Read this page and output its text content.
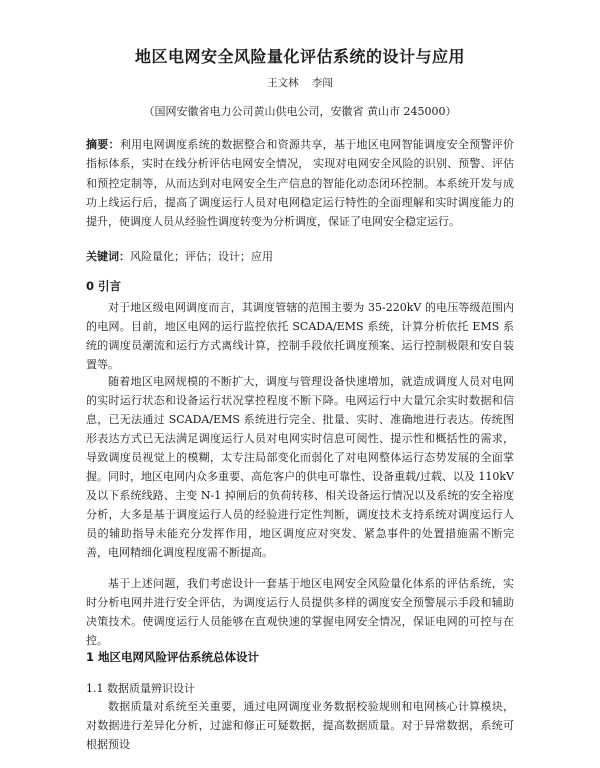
地区电网安全风险量化评估系统的设计与应用
王文林 李闯
（国网安徽省电力公司黄山供电公司，安徽省 黄山市 245000）
摘要：利用电网调度系统的数据整合和资源共享，基于地区电网智能调度安全预警评价指标体系，实时在线分析评估电网安全情况， 实现对电网安全风险的识别、预警、评估和预控定制等，从而达到对电网安全生产信息的智能化动态闭环控制。本系统开发与成功上线运行后，提高了调度运行人员对电网稳定运行特性的全面理解和实时调度能力的提升，使调度人员从经验性调度转变为分析调度，保证了电网安全稳定运行。
关键词：风险量化；评估；设计；应用
0 引言

对于地区级电网调度而言，其调度管辖的范围主要为 35-220kV 的电压等级范围内的电网。目前，地区电网的运行监控依托 SCADA/EMS 系统，计算分析依托 EMS 系统的调度员潮流和运行方式离线计算，控制手段依托调度预案、运行控制极限和安自装置等。

随着地区电网规模的不断扩大，调度与管理设备快速增加，就造成调度人员对电网的实时运行状态和设备运行状况掌控程度不断下降。电网运行中大量冗余实时数据和信息，已无法通过 SCADA/EMS 系统进行完全、批量、实时、准确地进行表达。传统图形表达方式已无法满足调度运行人员对电网实时信息可阅性、提示性和概括性的需求，导致调度员视觉上的模糊，太专注局部变化而弱化了对电网整体运行态势发展的全面掌握。同时，地区电网内众多重要、高危客户的供电可靠性、设备重载/过载、以及 110kV 及以下系统线路、主变 N-1 掉闸后的负荷转移、相关设备运行情况以及系统的安全裕度分析，大多是基于调度运行人员的经验进行定性判断，调度技术支持系统对调度运行人员的辅助指导未能充分发挥作用，地区调度应对突发、紧急事件的处置措施需不断完善，电网精细化调度程度需不断提高。

基于上述问题，我们考虑设计一套基于地区电网安全风险量化体系的评估系统，实时分析电网并进行安全评估，为调度运行人员提供多样的调度安全预警展示手段和辅助决策技术。使调度运行人员能够在直观快速的掌握电网安全情况，保证电网的可控与在控。

1 地区电网风险评估系统总体设计
1.1 数据质量辨识设计

数据质量对系统至关重要，通过电网调度业务数据校验规则和电网核心计算模块，对数据进行差异化分析，过滤和修正可疑数据，提高数据质量。对于异常数据，系统可根据预设
